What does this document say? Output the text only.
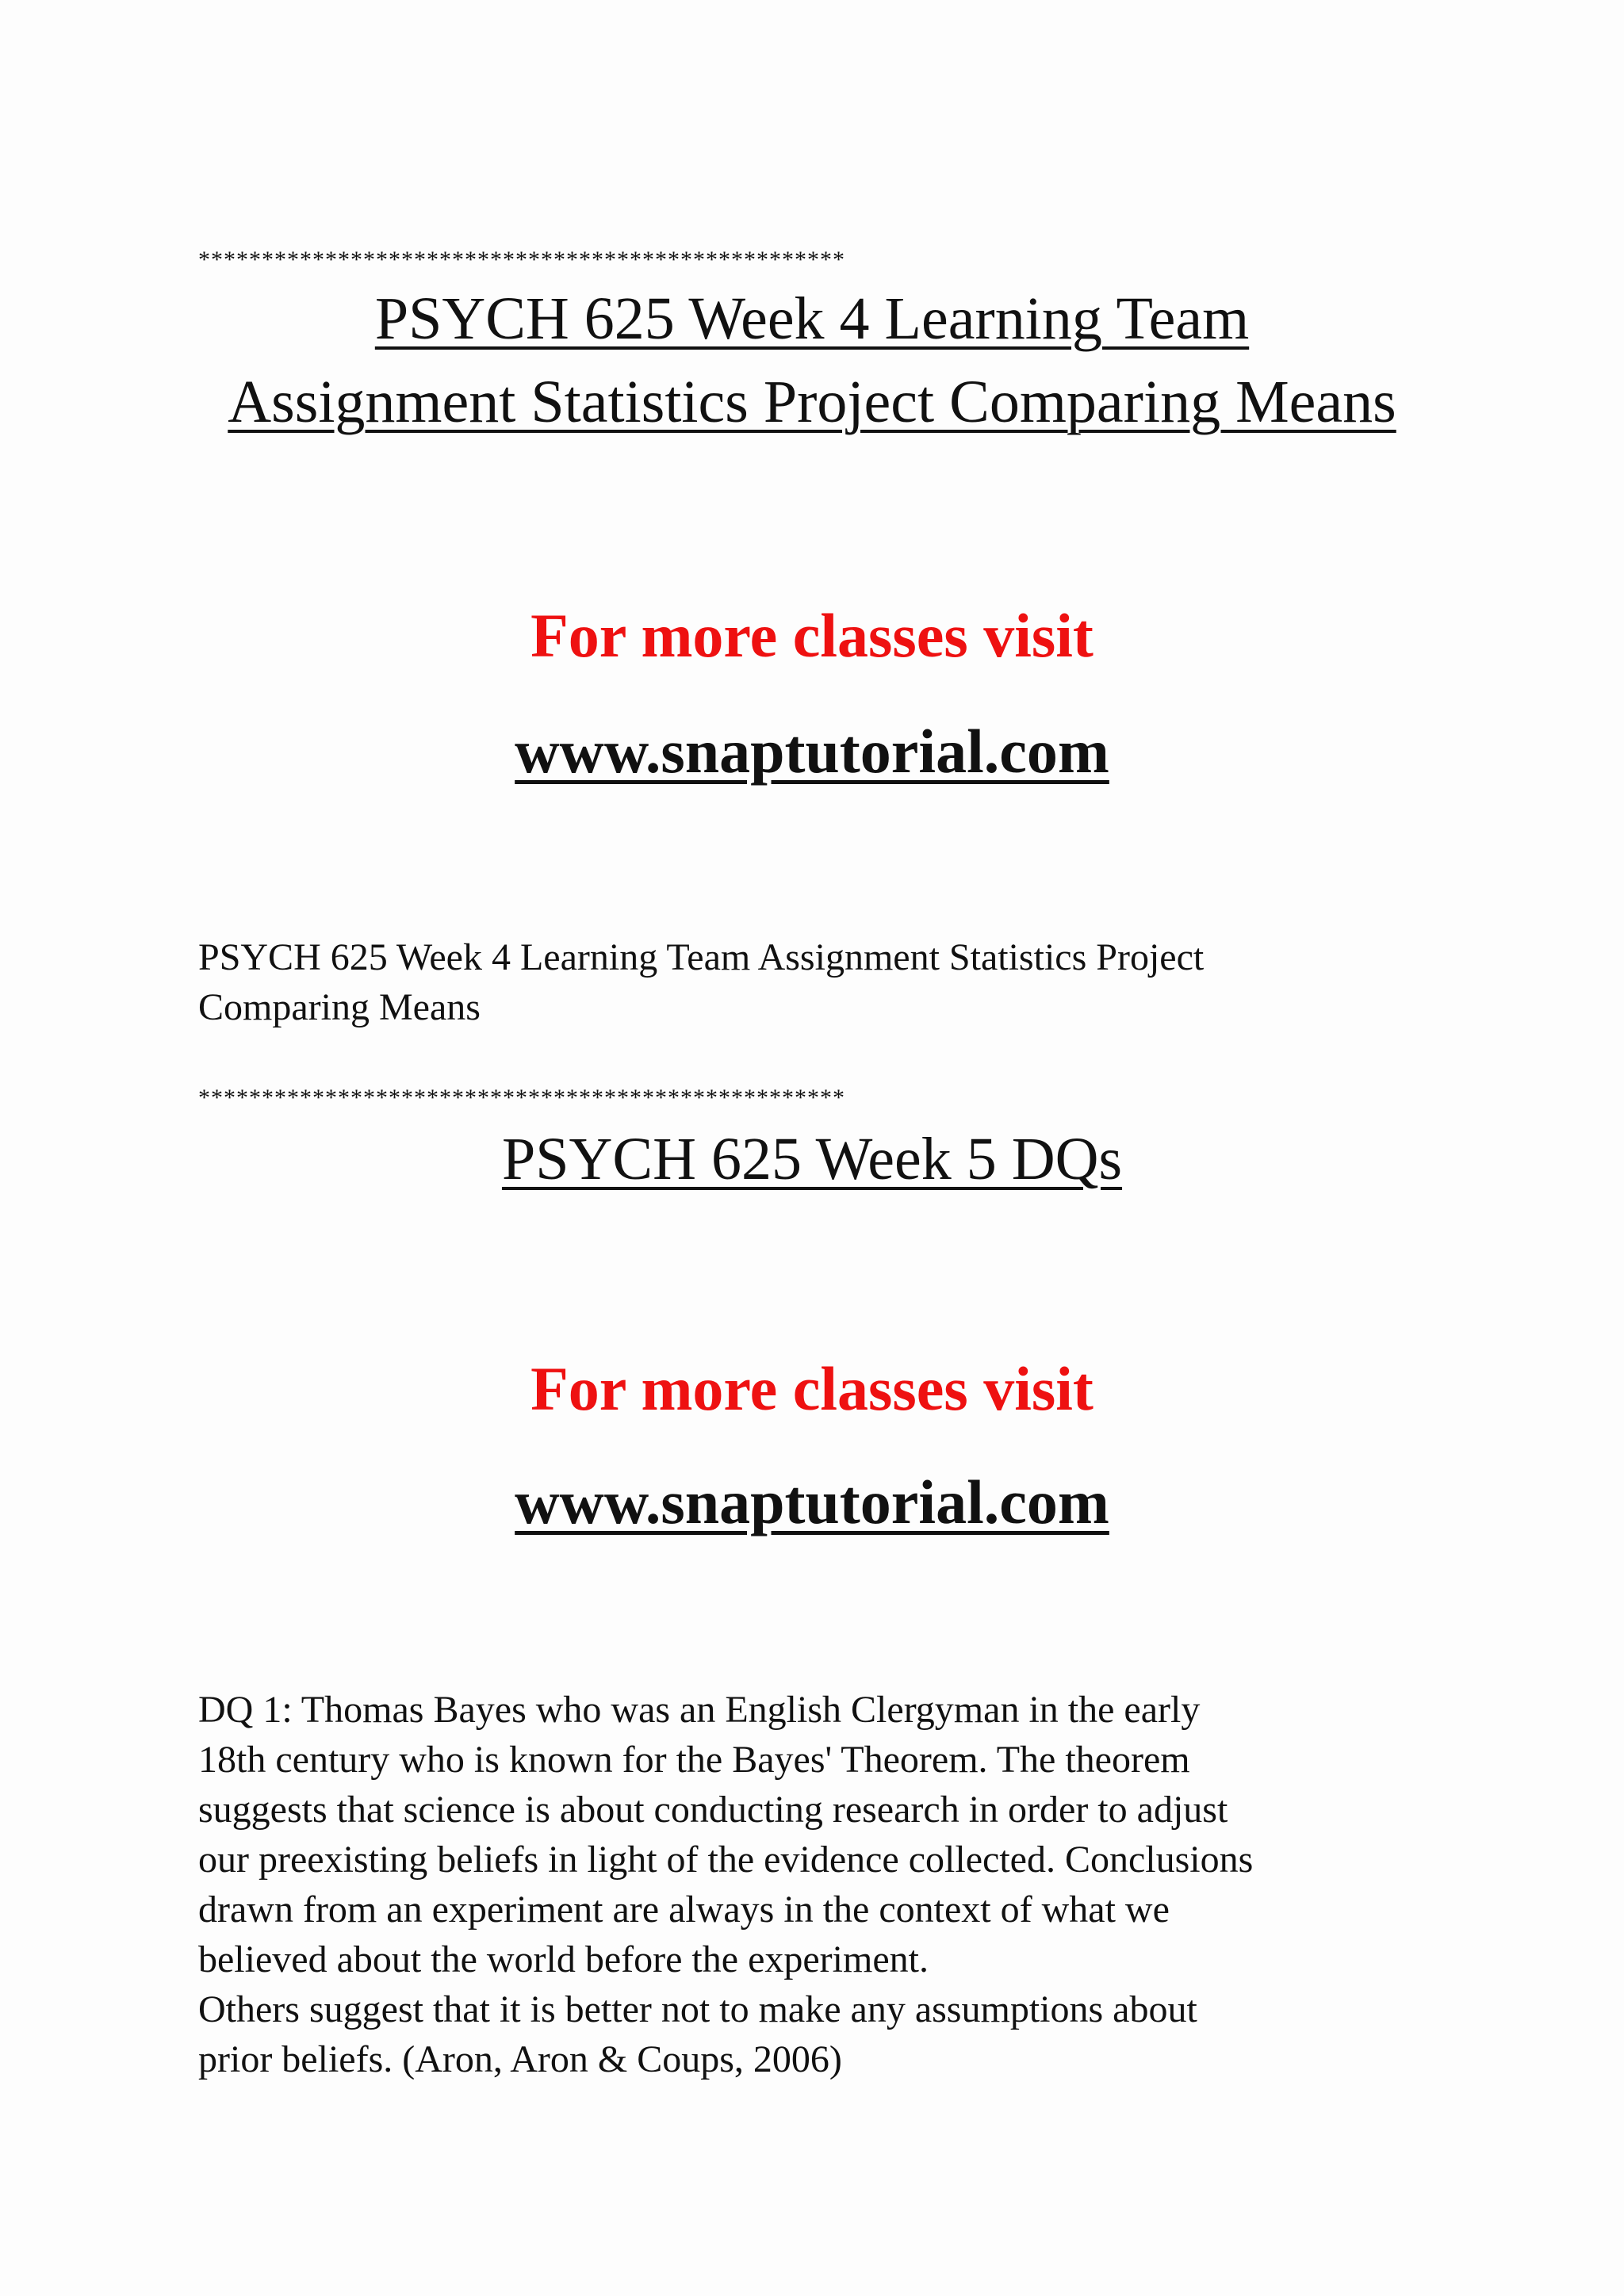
***************************************************
PSYCH 625 Week 4 Learning Team
Assignment Statistics Project Comparing Means
For more classes visit
www.snaptutorial.com
PSYCH 625 Week 4 Learning Team Assignment Statistics Project
Comparing Means
***************************************************
PSYCH 625 Week 5 DQs
For more classes visit
www.snaptutorial.com
DQ 1: Thomas Bayes who was an English Clergyman in the early
18th century who is known for the Bayes' Theorem. The theorem
suggests that science is about conducting research in order to adjust
our preexisting beliefs in light of the evidence collected. Conclusions
drawn from an experiment are always in the context of what we
believed about the world before the experiment.
Others suggest that it is better not to make any assumptions about
prior beliefs. (Aron, Aron & Coups, 2006)
